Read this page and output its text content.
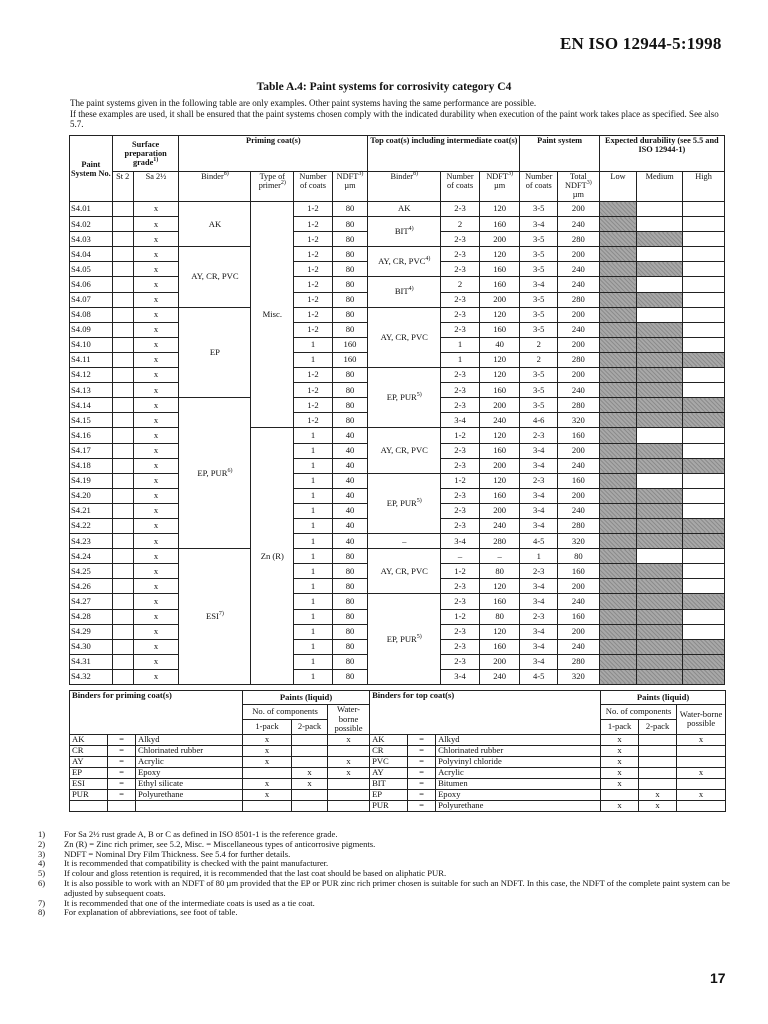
EN ISO 12944-5:1998
Table A.4: Paint systems for corrosivity category C4
The paint systems given in the following table are only examples. Other paint systems having the same performance are possible.
If these examples are used, it shall be ensured that the paint systems chosen comply with the indicated durability when execution of the paint work takes place as specified. See also 5.7.
Paint System No.	Surface preparation grade$^{1)}$		Priming coat(s)				Top coat(s) including intermediate coat(s)			Paint system		Expected durability (see 5.5 and ISO 12944-1)		
	St 2	Sa 2½	Binder$^{8)}$	Type of primer$^{2)}$	Number of coats	NDFT$^{3)}$
µm	Binder$^{8)}$	Number of coats	NDFT$^{3)}$
µm	Number of coats	Total NDFT$^{3)}$
µm	Low	Medium	High
S4.01		x	AK	Misc.	1-2	80	AK	2-3	120	3-5	200			
S4.02		x			1-2	80	BIT$^{4)}$	2	160	3-4	240			
S4.03		x			1-2	80		2-3	200	3-5	280			
S4.04		x	AY, CR, PVC		1-2	80	AY, CR, PVC$^{4)}$	2-3	120	3-5	200			
S4.05		x			1-2	80		2-3	160	3-5	240			
S4.06		x			1-2	80	BIT$^{4)}$	2	160	3-4	240			
S4.07		x			1-2	80		2-3	200	3-5	280			
S4.08		x	EP		1-2	80	AY, CR, PVC	2-3	120	3-5	200			
S4.09		x			1-2	80		2-3	160	3-5	240			
S4.10		x			1	160		1	40	2	200			
S4.11		x			1	160		1	120	2	280			
S4.12		x			1-2	80	EP, PUR$^{5)}$	2-3	120	3-5	200			
S4.13		x			1-2	80		2-3	160	3-5	240			
S4.14		x	EP, PUR$^{6)}$		1-2	80		2-3	200	3-5	280			
S4.15		x			1-2	80		3-4	240	4-6	320			
S4.16		x		Zn (R)	1	40	AY, CR, PVC	1-2	120	2-3	160			
S4.17		x			1	40		2-3	160	3-4	200			
S4.18		x			1	40		2-3	200	3-4	240			
S4.19		x			1	40	EP, PUR$^{5)}$	1-2	120	2-3	160			
S4.20		x			1	40		2-3	160	3-4	200			
S4.21		x			1	40		2-3	200	3-4	240			
S4.22		x			1	40		2-3	240	3-4	280			
S4.23		x			1	40	–	3-4	280	4-5	320			
S4.24		x	ESI$^{7)}$		1	80	AY, CR, PVC	–	–	1	80			
S4.25		x			1	80		1-2	80	2-3	160			
S4.26		x			1	80		2-3	120	3-4	200			
S4.27		x			1	80	EP, PUR$^{5)}$	2-3	160	3-4	240			
S4.28		x			1	80		1-2	80	2-3	160			
S4.29		x			1	80		2-3	120	3-4	200			
S4.30		x			1	80		2-3	160	3-4	240			
S4.31		x			1	80		2-3	200	3-4	280			
S4.32		x			1	80		3-4	240	4-5	320			
Binders for priming coat(s)			Paints (liquid)			Binders for top coat(s)			Paints (liquid)		
			No. of components		Water-borne possible				No. of components		Water-borne possible
			1-pack	2-pack					1-pack	2-pack	
AK	=	Alkyd	x		x	AK	=	Alkyd	x		x
CR	=	Chlorinated rubber	x			CR	=	Chlorinated rubber	x		
AY	=	Acrylic	x		x	PVC	=	Polyvinyl chloride	x		
EP	=	Epoxy		x	x	AY	=	Acrylic	x		x
ESI	=	Ethyl silicate	x	x		BIT	=	Bitumen	x		
PUR	=	Polyurethane	x			EP	=	Epoxy		x	x
						PUR	=	Polyurethane	x	x	
1)	For Sa 2½ rust grade A, B or C as defined in ISO 8501-1 is the reference grade.
2)	Zn (R) = Zinc rich primer, see 5.2, Misc. = Miscellaneous types of anticorrosive pigments.
3)	NDFT = Nominal Dry Film Thickness. See 5.4 for further details.
4)	It is recommended that compatibility is checked with the paint manufacturer.
5)	If colour and gloss retention is required, it is recommended that the last coat should be based on aliphatic PUR.
6)	It is also possible to work with an NDFT of 80 µm provided that the EP or PUR zinc rich primer chosen is suitable for such an NDFT. In this case, the NDFT of the complete paint system can be adjusted by subsequent coats.
7)	It is recommended that one of the intermediate coats is used as a tie coat.
8)	For explanation of abbreviations, see foot of table.
17
